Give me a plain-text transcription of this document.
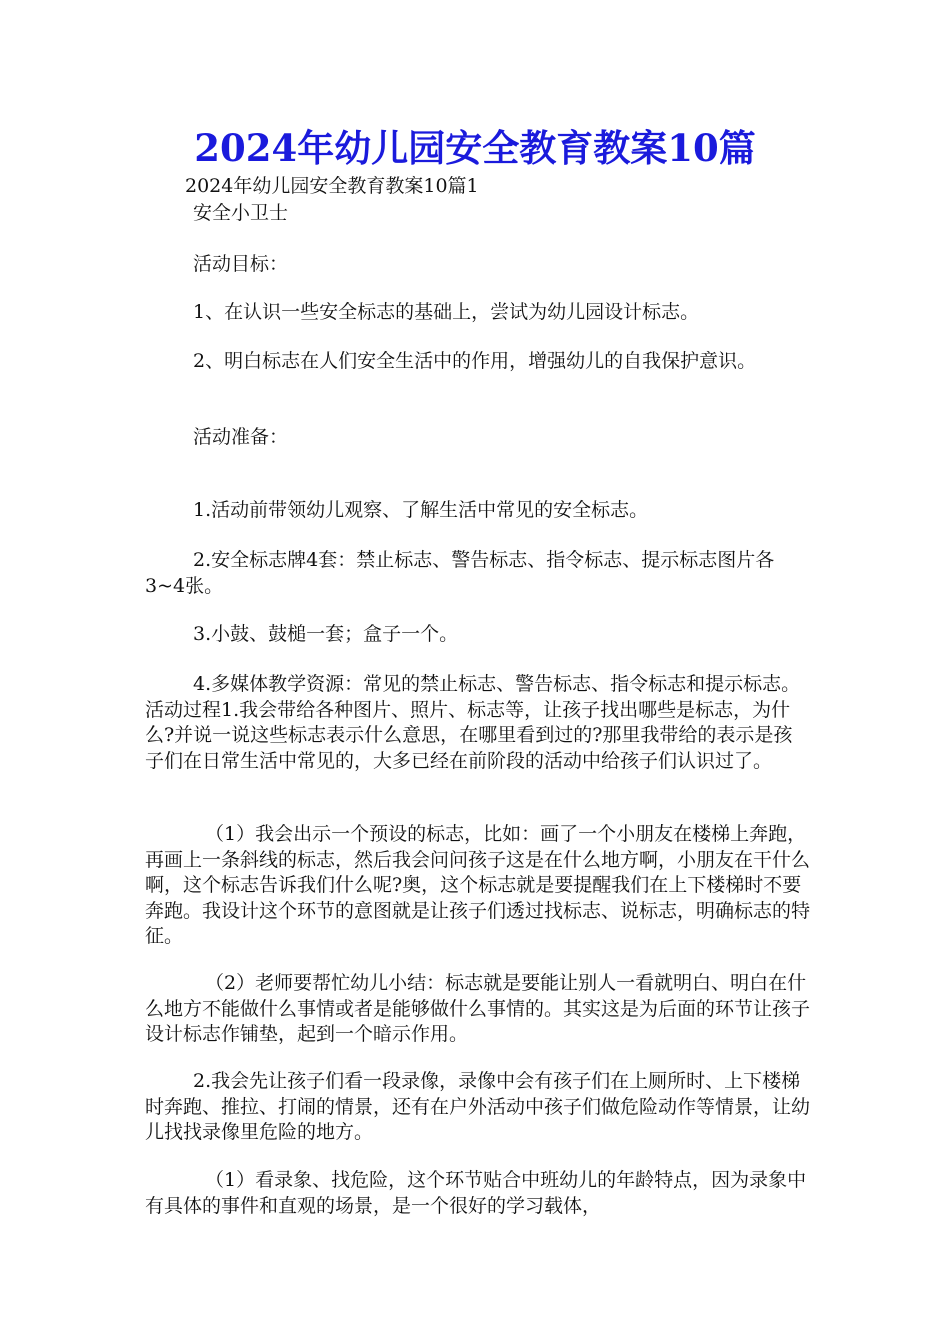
2024年幼儿园安全教育教案10篇
2024年幼儿园安全教育教案10篇1

安全小卫士

活动目标：

1、在认识一些安全标志的基础上，尝试为幼儿园设计标志。

2、明白标志在人们安全生活中的作用，增强幼儿的自我保护意识。

活动准备：

1.活动前带领幼儿观察、了解生活中常见的安全标志。

2.安全标志牌4套：禁止标志、警告标志、指令标志、提示标志图片各3~4张。

3.小鼓、鼓槌一套；盒子一个。

4.多媒体教学资源：常见的禁止标志、警告标志、指令标志和提示标志。活动过程1.我会带给各种图片、照片、标志等，让孩子找出哪些是标志，为什么?并说一说这些标志表示什么意思，在哪里看到过的?那里我带给的表示是孩子们在日常生活中常见的，大多已经在前阶段的活动中给孩子们认识过了。

（1）我会出示一个预设的标志，比如：画了一个小朋友在楼梯上奔跑，再画上一条斜线的标志，然后我会问问孩子这是在什么地方啊，小朋友在干什么啊，这个标志告诉我们什么呢?奥，这个标志就是要提醒我们在上下楼梯时不要奔跑。我设计这个环节的意图就是让孩子们透过找标志、说标志，明确标志的特征。

（2）老师要帮忙幼儿小结：标志就是要能让别人一看就明白、明白在什么地方不能做什么事情或者是能够做什么事情的。其实这是为后面的环节让孩子设计标志作铺垫，起到一个暗示作用。

2.我会先让孩子们看一段录像，录像中会有孩子们在上厕所时、上下楼梯时奔跑、推拉、打闹的情景，还有在户外活动中孩子们做危险动作等情景，让幼儿找找录像里危险的地方。

（1）看录象、找危险，这个环节贴合中班幼儿的年龄特点，因为录象中有具体的事件和直观的场景，是一个很好的学习载体，
